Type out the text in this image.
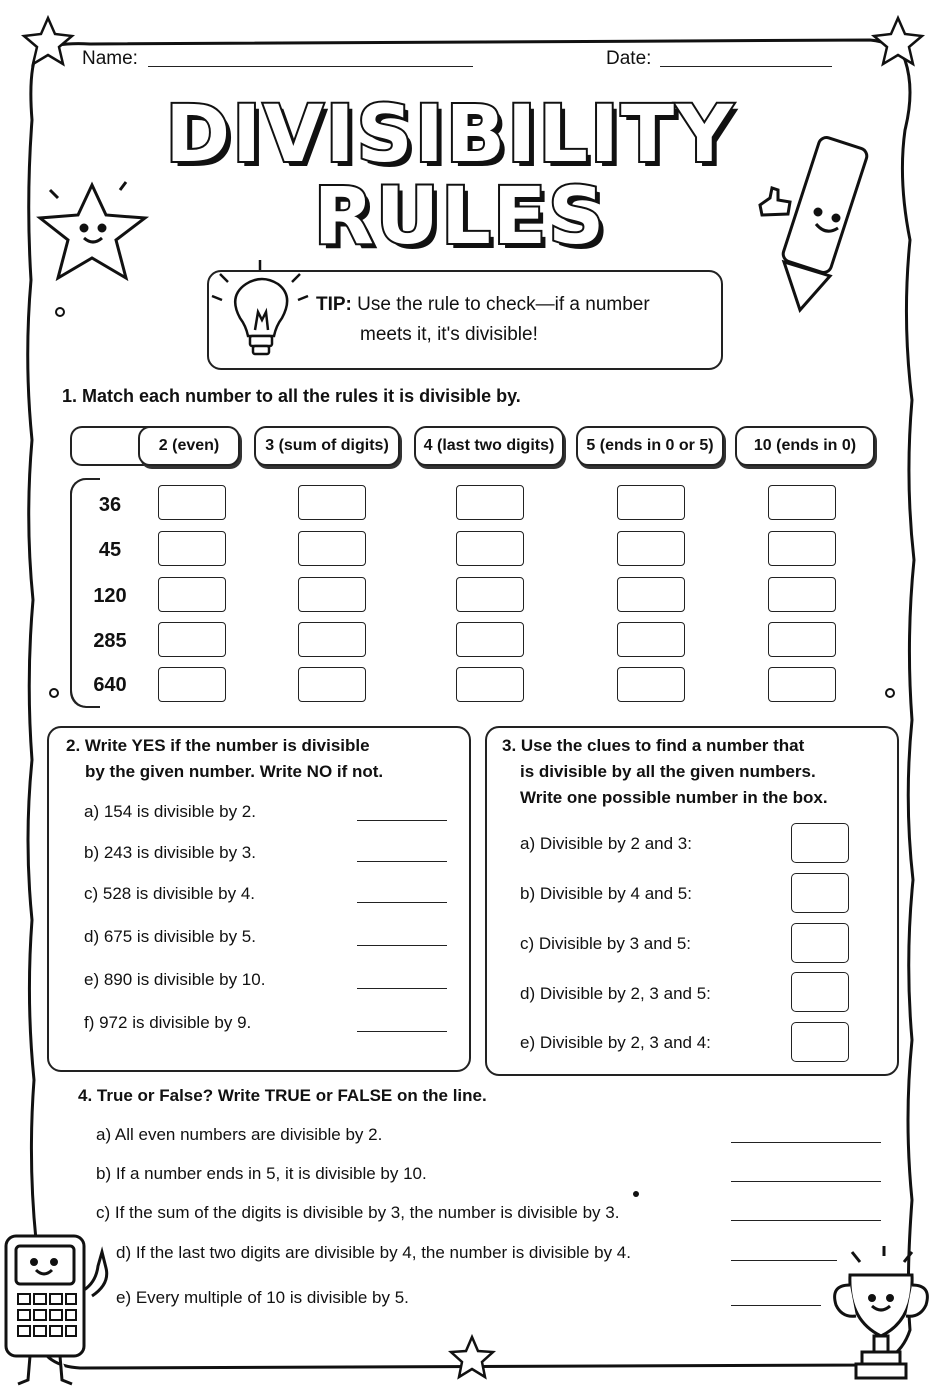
Name:	Date:
DIVISIBILITY
RULES
TIP: Use the rule to check—if a number
meets it, it's divisible!
1. Match each number to all the rules it is divisible by.
2 (even)	3 (sum of digits)	4 (last two digits)	5 (ends in 0 or 5)	10 (ends in 0)
36
45
120
285
640
2. Write YES if the number is divisible
by the given number. Write NO if not.
a) 154 is divisible by 2.
b) 243 is divisible by 3.
c) 528 is divisible by 4.
d) 675 is divisible by 5.
e) 890 is divisible by 10.
f) 972 is divisible by 9.
3. Use the clues to find a number that
is divisible by all the given numbers.
Write one possible number in the box.
a) Divisible by 2 and 3:
b) Divisible by 4 and 5:
c) Divisible by 3 and 5:
d) Divisible by 2, 3 and 5:
e) Divisible by 2, 3 and 4:
4. True or False? Write TRUE or FALSE on the line.
a) All even numbers are divisible by 2.
b) If a number ends in 5, it is divisible by 10.
c) If the sum of the digits is divisible by 3, the number is divisible by 3.
d) If the last two digits are divisible by 4, the number is divisible by 4.
e) Every multiple of 10 is divisible by 5.
